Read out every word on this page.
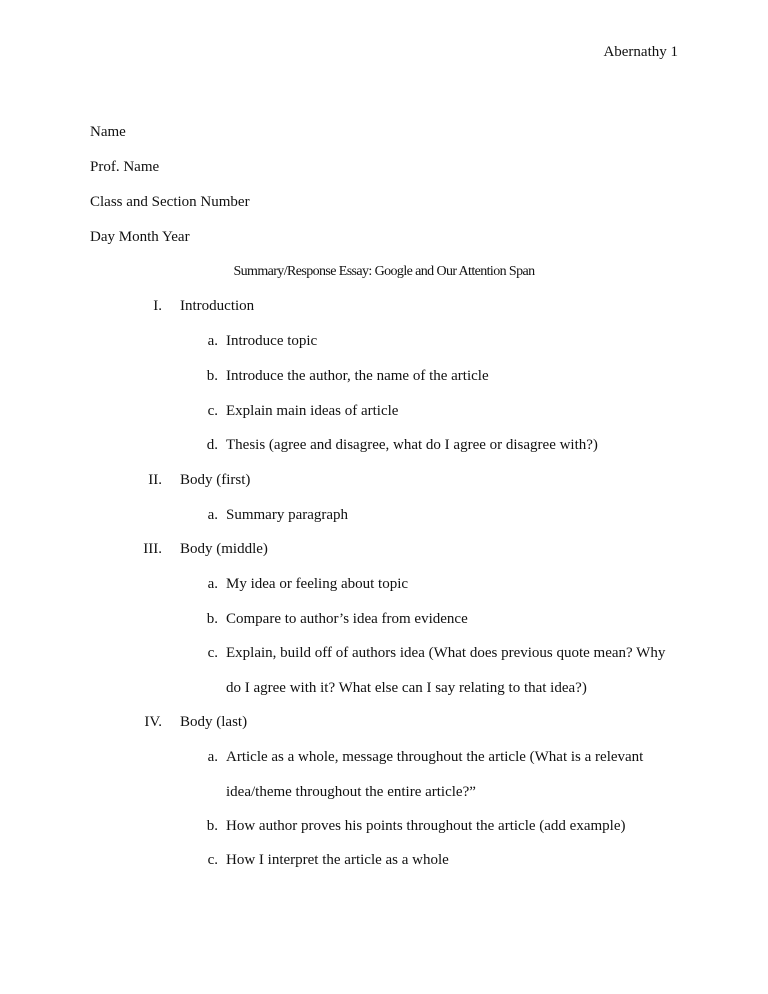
Abernathy 1
Name
Prof. Name
Class and Section Number
Day Month Year
Summary/Response Essay: Google and Our Attention Span
I. Introduction
a. Introduce topic
b. Introduce the author, the name of the article
c. Explain main ideas of article
d. Thesis (agree and disagree, what do I agree or disagree with?)
II. Body (first)
a. Summary paragraph
III. Body (middle)
a. My idea or feeling about topic
b. Compare to author’s idea from evidence
c. Explain, build off of authors idea (What does previous quote mean? Why
do I agree with it? What else can I say relating to that idea?)
IV. Body (last)
a. Article as a whole, message throughout the article (What is a relevant
idea/theme throughout the entire article?”
b. How author proves his points throughout the article (add example)
c. How I interpret the article as a whole
